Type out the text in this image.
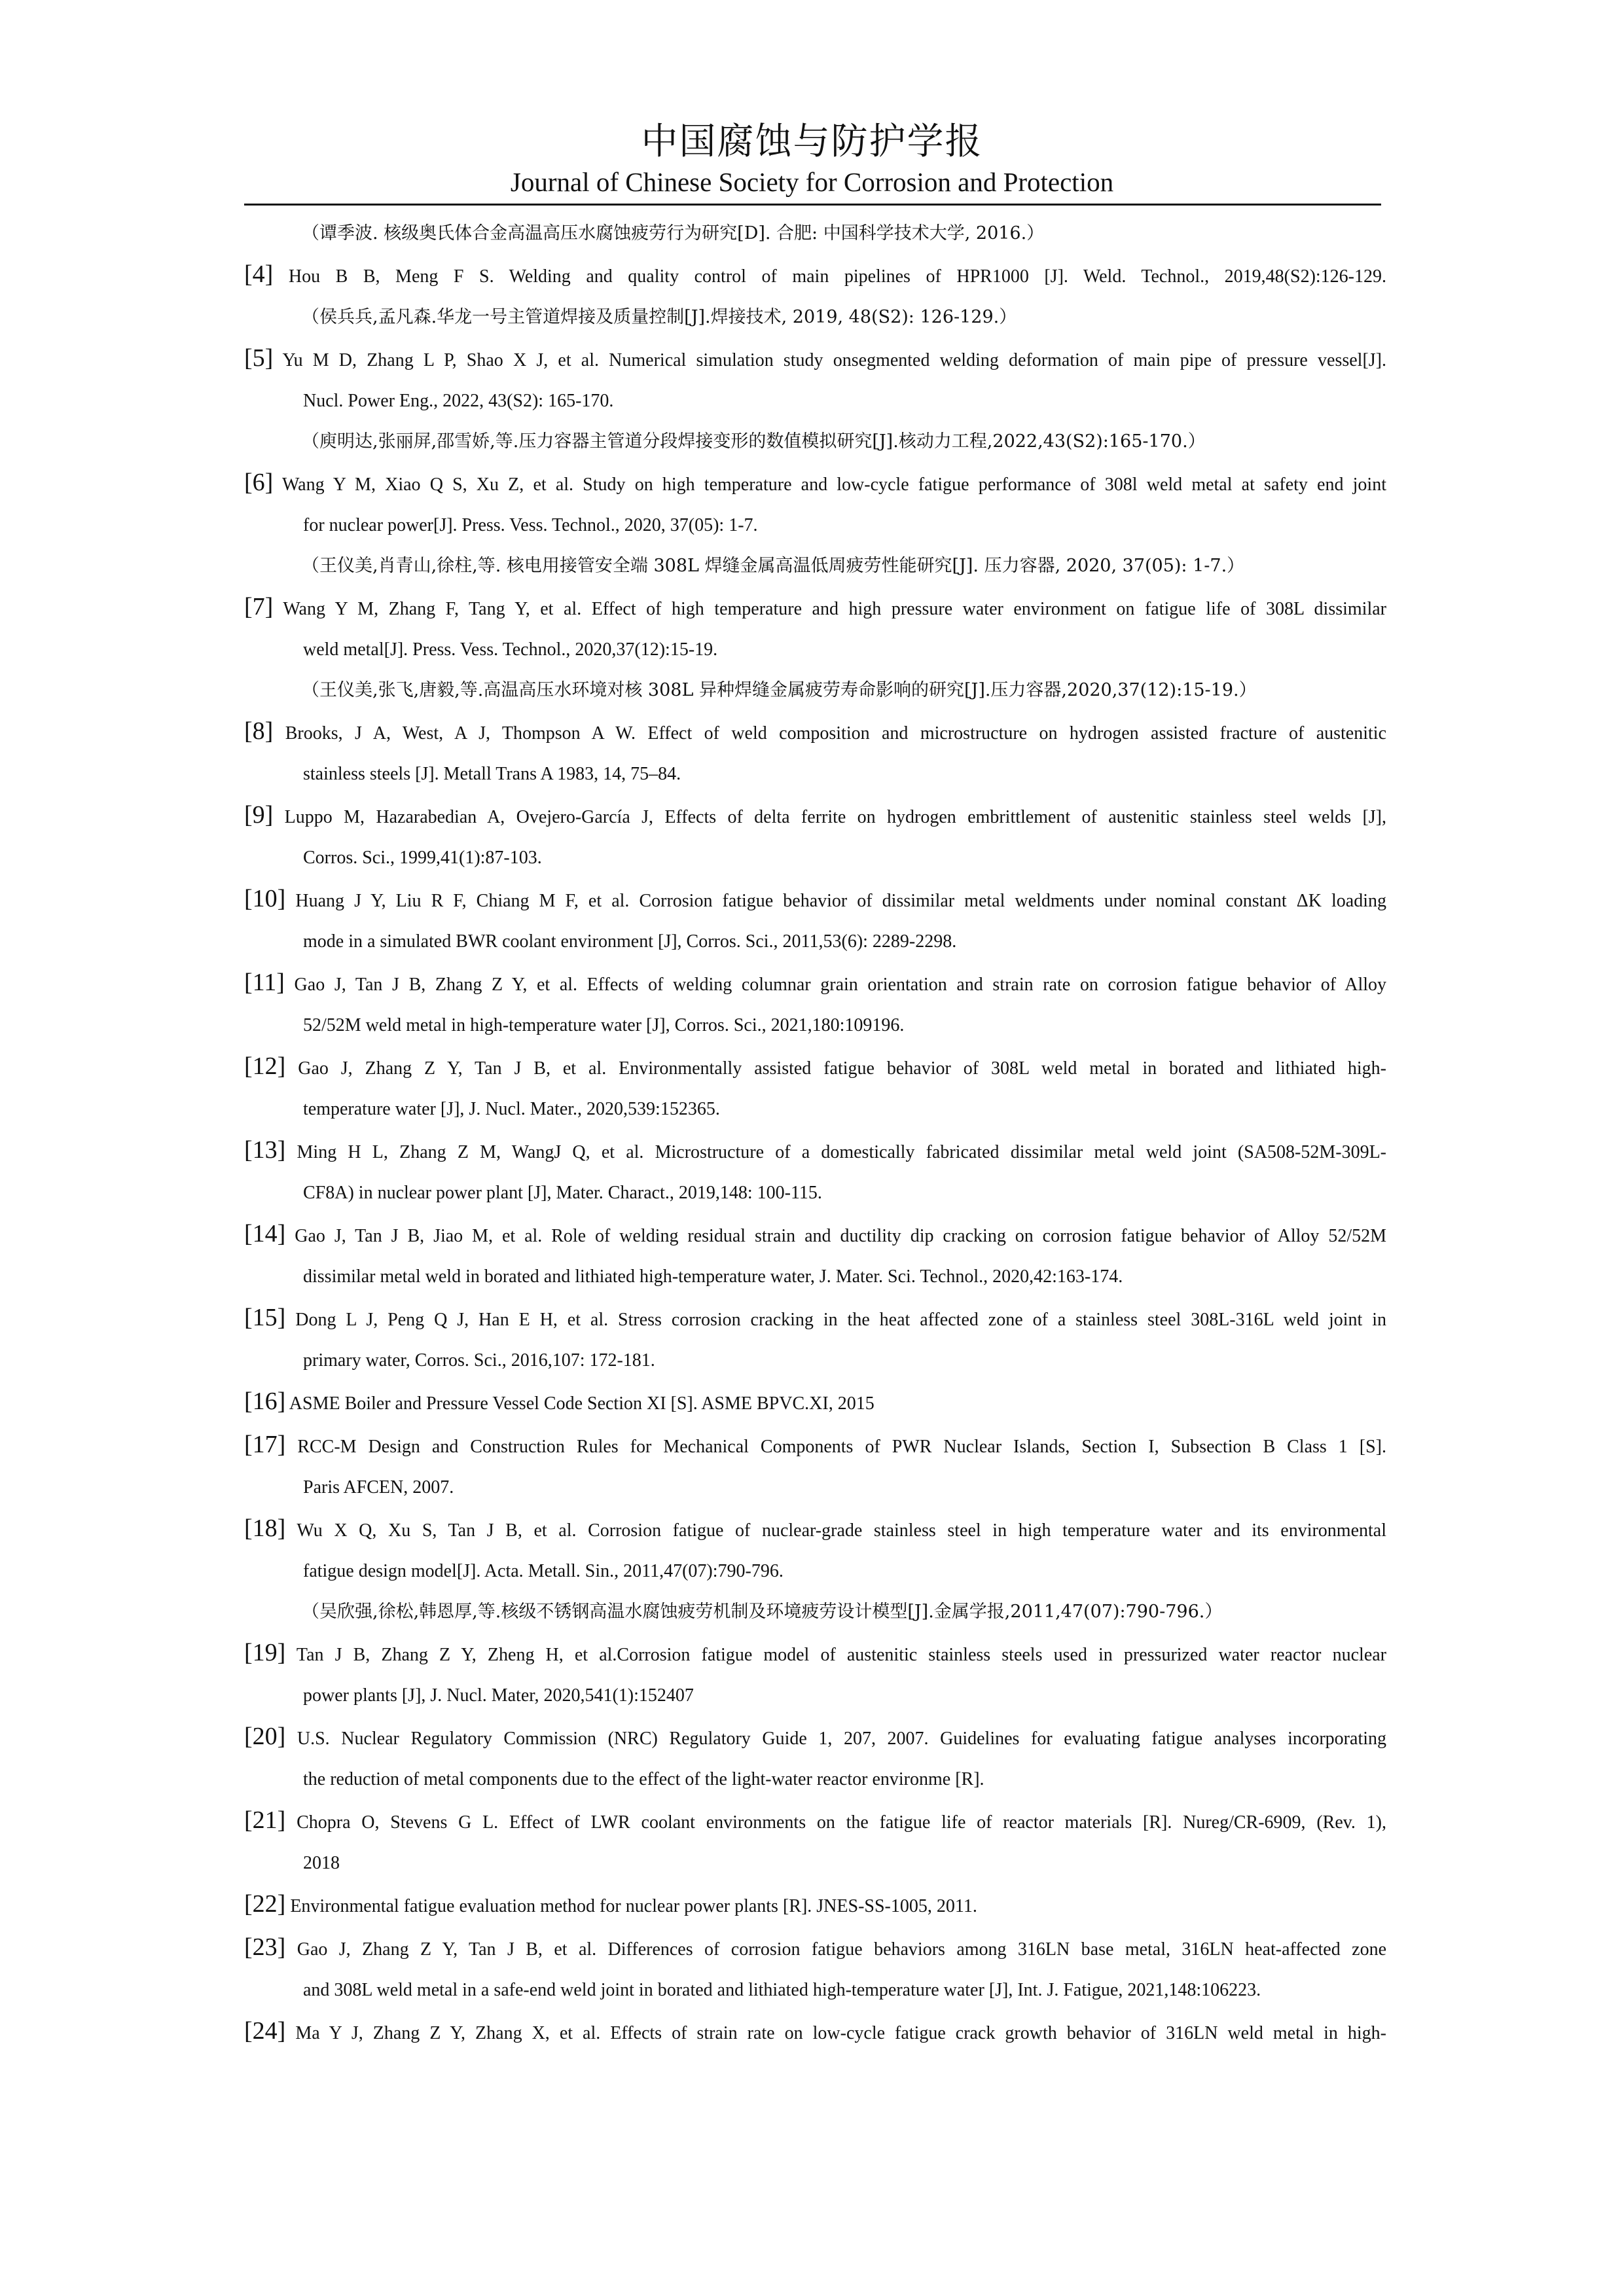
中国腐蚀与防护学报
Journal of Chinese Society for Corrosion and Protection
（谭季波. 核级奥氏体合金高温高压水腐蚀疲劳行为研究[D]. 合肥: 中国科学技术大学, 2016.）
[4] Hou B B, Meng F S. Welding and quality control of main pipelines of HPR1000 [J]. Weld. Technol., 2019,48(S2):126-129.
（侯兵兵,孟凡森.华龙一号主管道焊接及质量控制[J].焊接技术, 2019, 48(S2): 126-129.）
[5] Yu M D, Zhang L P, Shao X J, et al. Numerical simulation study onsegmented welding deformation of main pipe of pressure vessel[J].
Nucl. Power Eng., 2022, 43(S2): 165-170.
（庾明达,张丽屏,邵雪娇,等.压力容器主管道分段焊接变形的数值模拟研究[J].核动力工程,2022,43(S2):165-170.）
[6] Wang Y M, Xiao Q S, Xu Z, et al. Study on high temperature and low-cycle fatigue performance of 308l weld metal at safety end joint
for nuclear power[J]. Press. Vess. Technol., 2020, 37(05): 1-7.
（王仪美,肖青山,徐柱,等. 核电用接管安全端 308L 焊缝金属高温低周疲劳性能研究[J]. 压力容器, 2020, 37(05): 1-7.）
[7] Wang Y M, Zhang F, Tang Y, et al. Effect of high temperature and high pressure water environment on fatigue life of 308L dissimilar
weld metal[J]. Press. Vess. Technol., 2020,37(12):15-19.
（王仪美,张飞,唐毅,等.高温高压水环境对核 308L 异种焊缝金属疲劳寿命影响的研究[J].压力容器,2020,37(12):15-19.）
[8] Brooks, J A, West, A J, Thompson A W. Effect of weld composition and microstructure on hydrogen assisted fracture of austenitic
stainless steels [J]. Metall Trans A 1983, 14, 75–84.
[9] Luppo M, Hazarabedian A, Ovejero-García J, Effects of delta ferrite on hydrogen embrittlement of austenitic stainless steel welds [J],
Corros. Sci., 1999,41(1):87-103.
[10] Huang J Y, Liu R F, Chiang M F, et al. Corrosion fatigue behavior of dissimilar metal weldments under nominal constant ΔK loading
mode in a simulated BWR coolant environment [J], Corros. Sci., 2011,53(6): 2289-2298.
[11] Gao J, Tan J B, Zhang Z Y, et al. Effects of welding columnar grain orientation and strain rate on corrosion fatigue behavior of Alloy
52/52M weld metal in high-temperature water [J], Corros. Sci., 2021,180:109196.
[12] Gao J, Zhang Z Y, Tan J B, et al. Environmentally assisted fatigue behavior of 308L weld metal in borated and lithiated high-
temperature water [J], J. Nucl. Mater., 2020,539:152365.
[13] Ming H L, Zhang Z M, WangJ Q, et al. Microstructure of a domestically fabricated dissimilar metal weld joint (SA508-52M-309L-
CF8A) in nuclear power plant [J], Mater. Charact., 2019,148: 100-115.
[14] Gao J, Tan J B, Jiao M, et al. Role of welding residual strain and ductility dip cracking on corrosion fatigue behavior of Alloy 52/52M
dissimilar metal weld in borated and lithiated high-temperature water, J. Mater. Sci. Technol., 2020,42:163-174.
[15] Dong L J, Peng Q J, Han E H, et al. Stress corrosion cracking in the heat affected zone of a stainless steel 308L-316L weld joint in
primary water, Corros. Sci., 2016,107: 172-181.
[16] ASME Boiler and Pressure Vessel Code Section XI [S]. ASME BPVC.XI, 2015
[17] RCC-M Design and Construction Rules for Mechanical Components of PWR Nuclear Islands, Section I, Subsection B Class 1 [S].
Paris AFCEN, 2007.
[18] Wu X Q, Xu S, Tan J B, et al. Corrosion fatigue of nuclear-grade stainless steel in high temperature water and its environmental
fatigue design model[J]. Acta. Metall. Sin., 2011,47(07):790-796.
（吴欣强,徐松,韩恩厚,等.核级不锈钢高温水腐蚀疲劳机制及环境疲劳设计模型[J].金属学报,2011,47(07):790-796.）
[19] Tan J B, Zhang Z Y, Zheng H, et al.Corrosion fatigue model of austenitic stainless steels used in pressurized water reactor nuclear
power plants [J], J. Nucl. Mater, 2020,541(1):152407
[20] U.S. Nuclear Regulatory Commission (NRC) Regulatory Guide 1, 207, 2007. Guidelines for evaluating fatigue analyses incorporating
the reduction of metal components due to the effect of the light-water reactor environme [R].
[21] Chopra O, Stevens G L. Effect of LWR coolant environments on the fatigue life of reactor materials [R]. Nureg/CR-6909, (Rev. 1),
2018
[22] Environmental fatigue evaluation method for nuclear power plants [R]. JNES-SS-1005, 2011.
[23] Gao J, Zhang Z Y, Tan J B, et al. Differences of corrosion fatigue behaviors among 316LN base metal, 316LN heat-affected zone
and 308L weld metal in a safe-end weld joint in borated and lithiated high-temperature water [J], Int. J. Fatigue, 2021,148:106223.
[24] Ma Y J, Zhang Z Y, Zhang X, et al. Effects of strain rate on low-cycle fatigue crack growth behavior of 316LN weld metal in high-
